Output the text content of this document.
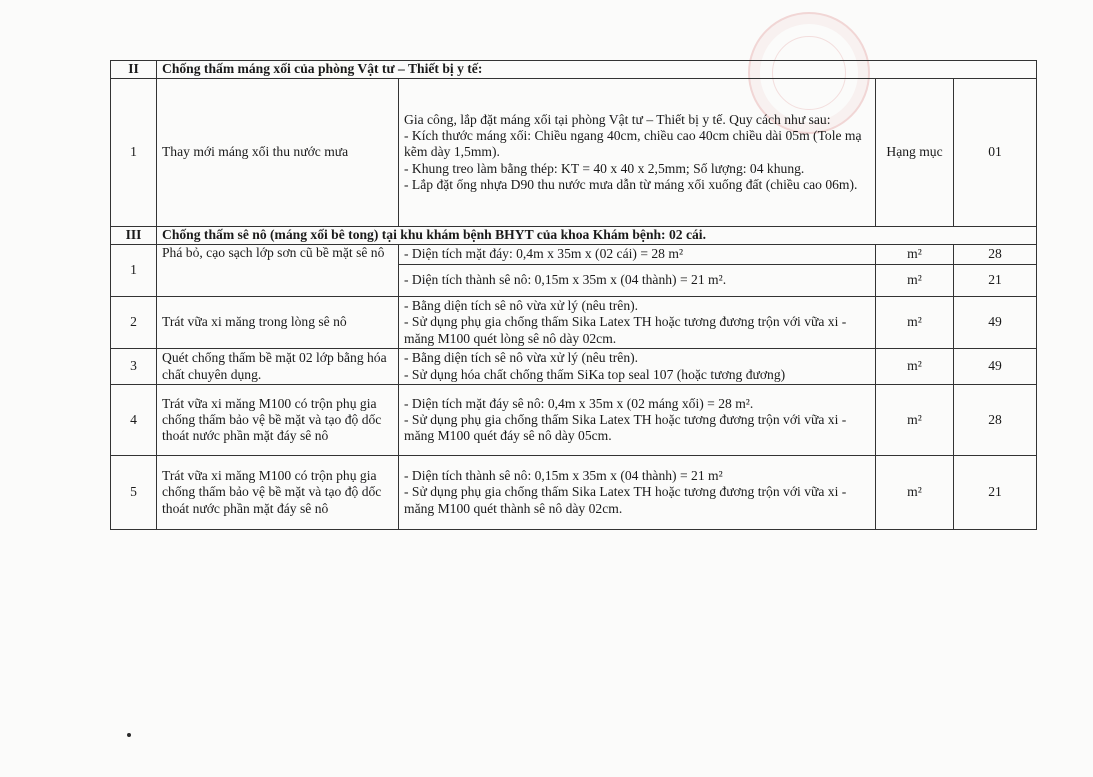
II	Chống thấm máng xối của phòng Vật tư – Thiết bị y tế:			
1	Thay mới máng xối thu nước mưa	Gia công, lắp đặt máng xối tại phòng Vật tư – Thiết bị y tế. Quy cách như sau:
- Kích thước máng xối: Chiều ngang 40cm, chiều cao 40cm chiều dài 05m (Tole mạ kẽm dày 1,5mm).
- Khung treo làm bằng thép: KT = 40 x 40 x 2,5mm; Số lượng: 04 khung.
- Lắp đặt ống nhựa D90 thu nước mưa dẫn từ máng xối xuống đất (chiều cao 06m).	Hạng mục	01
III	Chống thấm sê nô (máng xối bê tong) tại khu khám bệnh BHYT của khoa Khám bệnh: 02 cái.			
1	Phá bỏ, cạo sạch lớp sơn cũ bề mặt sê nô	- Diện tích mặt đáy: 0,4m x 35m x (02 cái) = 28 m²	m²	28
		- Diện tích thành sê nô: 0,15m x 35m x (04 thành) = 21 m².	m²	21
2	Trát vữa xi măng trong lòng sê nô	- Bằng diện tích sê nô vừa xử lý (nêu trên).
- Sử dụng phụ gia chống thấm Sika Latex TH hoặc tương đương trộn với vữa xi - măng M100 quét lòng sê nô dày 02cm.	m²	49
3	Quét chống thấm bề mặt 02 lớp bằng hóa chất chuyên dụng.	- Bằng diện tích sê nô vừa xử lý (nêu trên).
- Sử dụng hóa chất chống thấm SiKa top seal 107 (hoặc tương đương)	m²	49
4	Trát vữa xi măng M100 có trộn phụ gia chống thấm bảo vệ bề mặt và tạo độ dốc thoát nước phần mặt đáy sê nô	- Diện tích mặt đáy sê nô: 0,4m x 35m x (02 máng xối) = 28 m².
- Sử dụng phụ gia chống thấm Sika Latex TH hoặc tương đương trộn với vữa xi - măng M100 quét đáy sê nô dày 05cm.	m²	28
5	Trát vữa xi măng M100 có trộn phụ gia chống thấm bảo vệ bề mặt và tạo độ dốc thoát nước phần mặt đáy sê nô	- Diện tích thành sê nô: 0,15m x 35m x (04 thành) = 21 m²
- Sử dụng phụ gia chống thấm Sika Latex TH hoặc tương đương trộn với vữa xi - măng M100 quét thành sê nô dày 02cm.	m²	21
